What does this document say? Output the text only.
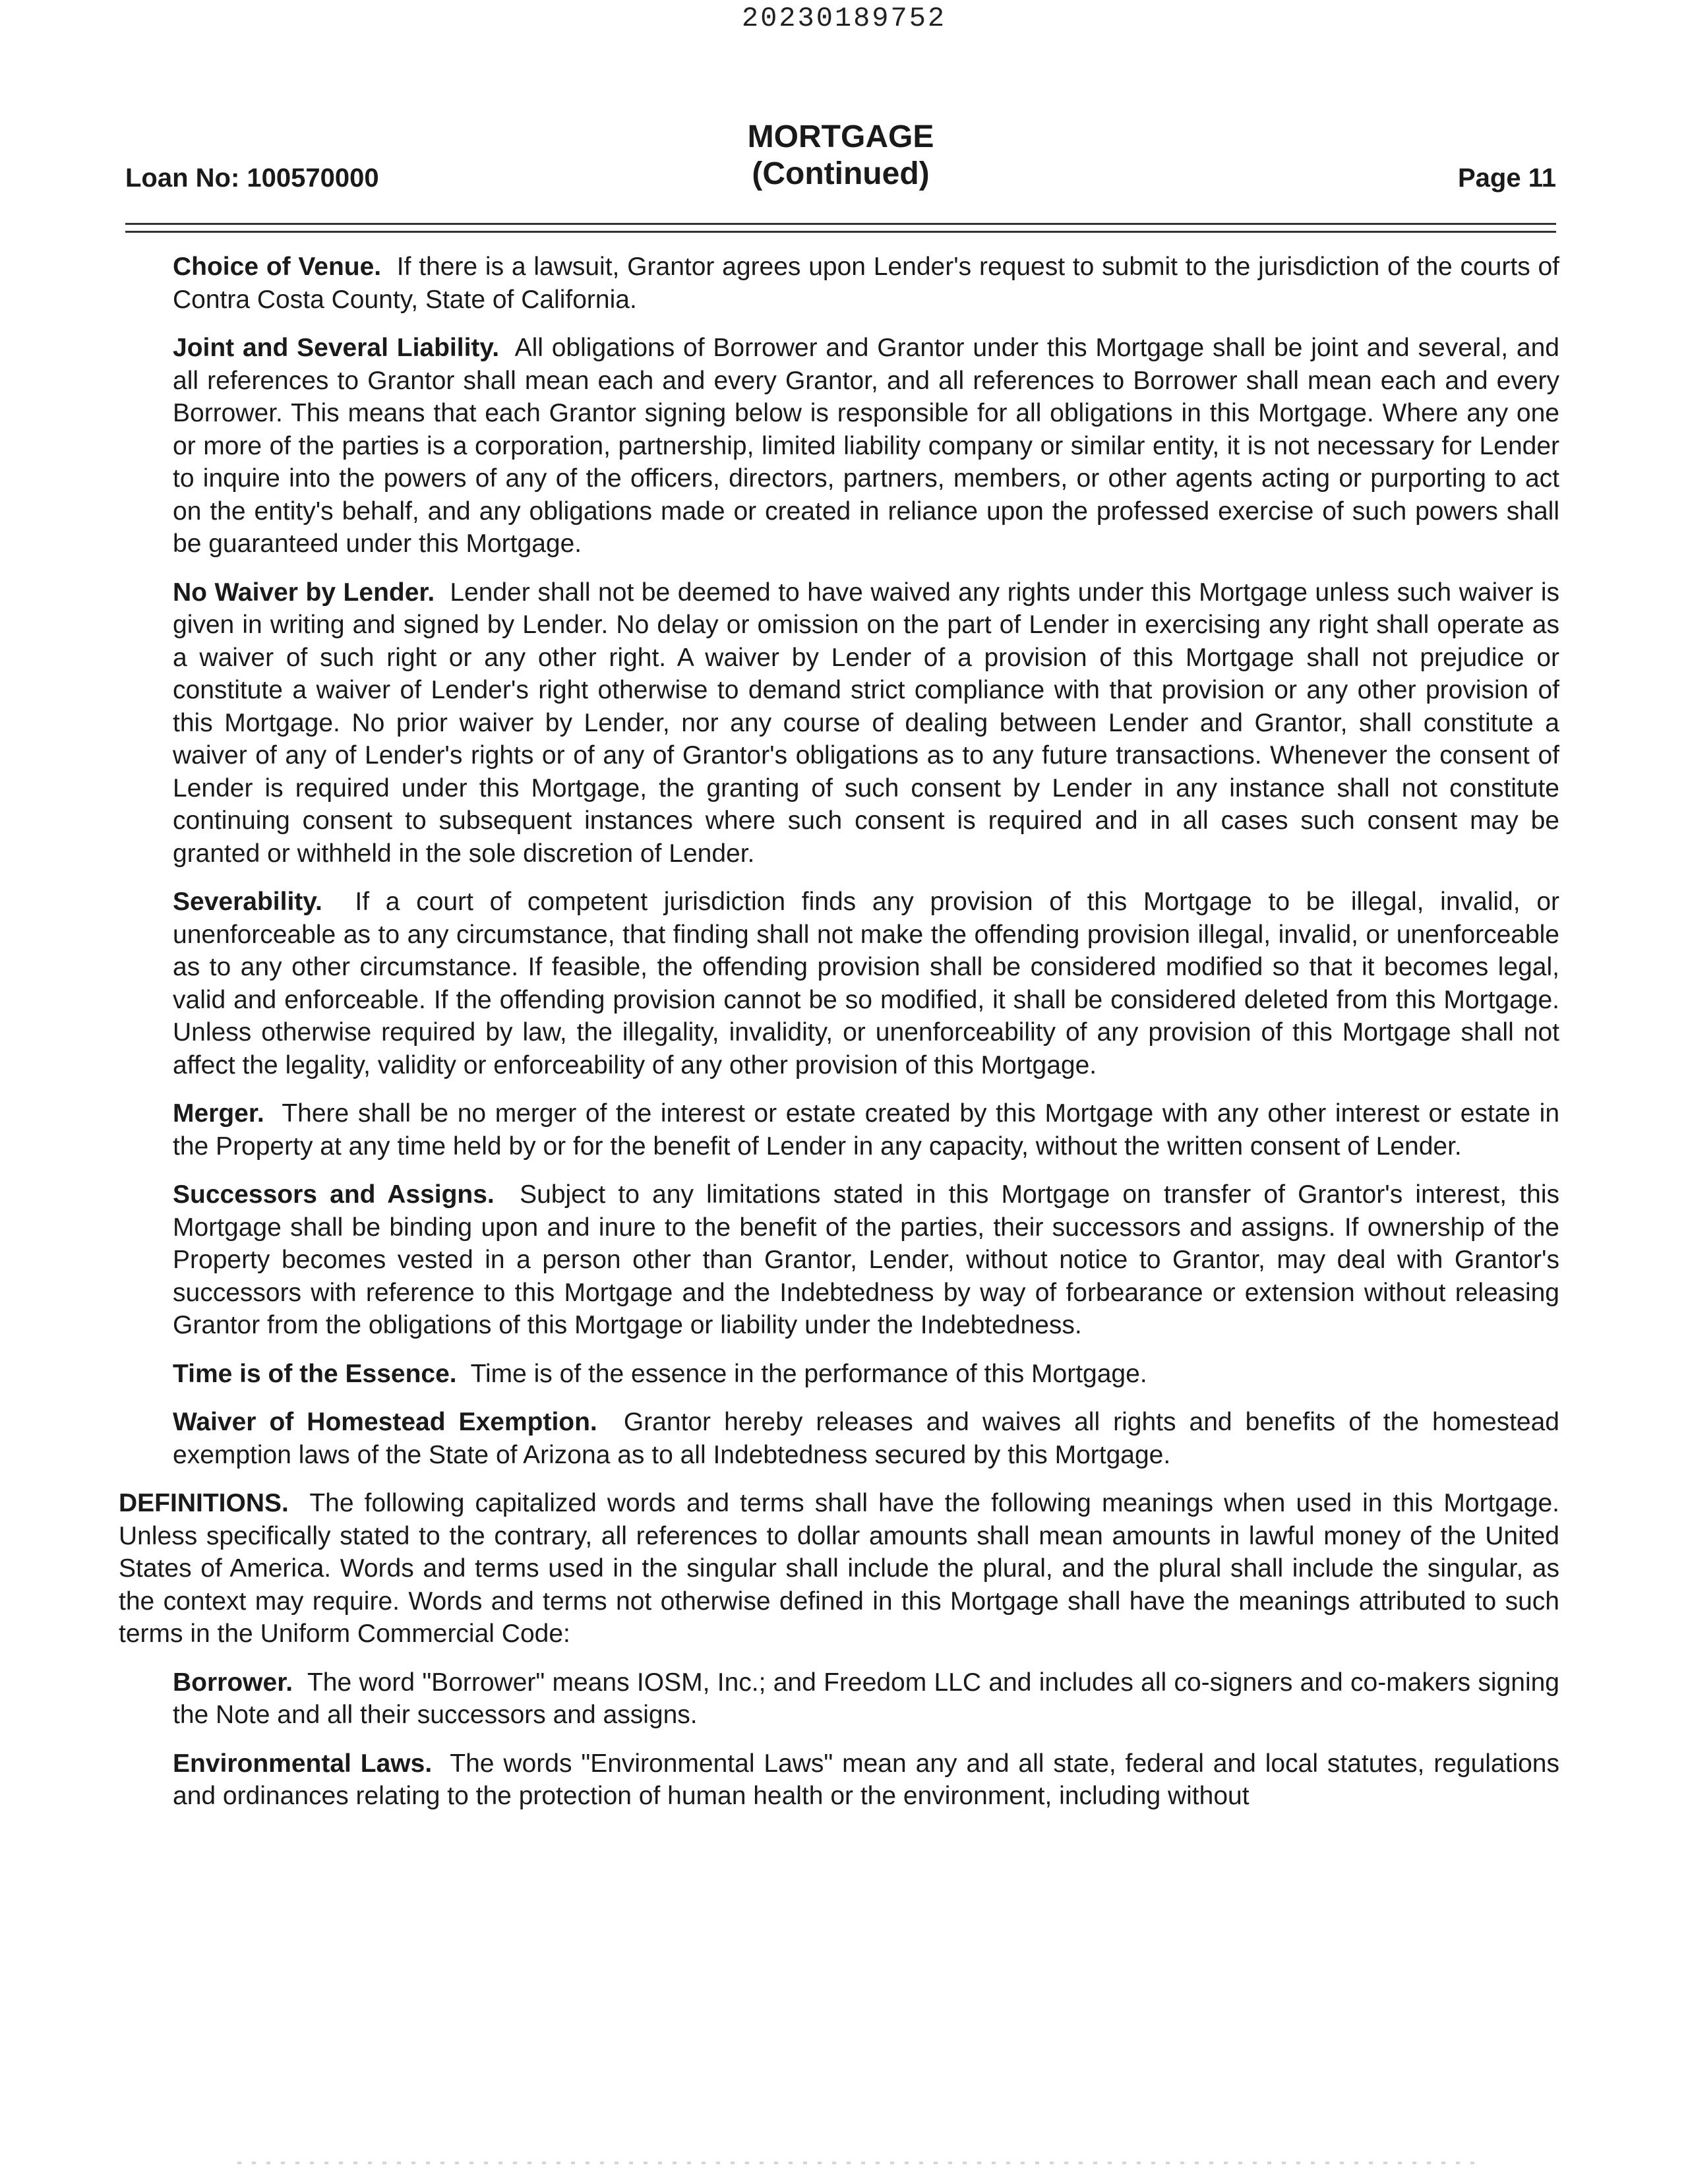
20230189752
Loan No: 100570000
MORTGAGE
(Continued)	Page 11

Choice of Venue. If there is a lawsuit, Grantor agrees upon Lender's request to submit to the jurisdiction of the courts of Contra Costa County, State of California.

Joint and Several Liability. All obligations of Borrower and Grantor under this Mortgage shall be joint and several, and all references to Grantor shall mean each and every Grantor, and all references to Borrower shall mean each and every Borrower. This means that each Grantor signing below is responsible for all obligations in this Mortgage. Where any one or more of the parties is a corporation, partnership, limited liability company or similar entity, it is not necessary for Lender to inquire into the powers of any of the officers, directors, partners, members, or other agents acting or purporting to act on the entity's behalf, and any obligations made or created in reliance upon the professed exercise of such powers shall be guaranteed under this Mortgage.

No Waiver by Lender. Lender shall not be deemed to have waived any rights under this Mortgage unless such waiver is given in writing and signed by Lender. No delay or omission on the part of Lender in exercising any right shall operate as a waiver of such right or any other right. A waiver by Lender of a provision of this Mortgage shall not prejudice or constitute a waiver of Lender's right otherwise to demand strict compliance with that provision or any other provision of this Mortgage. No prior waiver by Lender, nor any course of dealing between Lender and Grantor, shall constitute a waiver of any of Lender's rights or of any of Grantor's obligations as to any future transactions. Whenever the consent of Lender is required under this Mortgage, the granting of such consent by Lender in any instance shall not constitute continuing consent to subsequent instances where such consent is required and in all cases such consent may be granted or withheld in the sole discretion of Lender.

Severability. If a court of competent jurisdiction finds any provision of this Mortgage to be illegal, invalid, or unenforceable as to any circumstance, that finding shall not make the offending provision illegal, invalid, or unenforceable as to any other circumstance. If feasible, the offending provision shall be considered modified so that it becomes legal, valid and enforceable. If the offending provision cannot be so modified, it shall be considered deleted from this Mortgage. Unless otherwise required by law, the illegality, invalidity, or unenforceability of any provision of this Mortgage shall not affect the legality, validity or enforceability of any other provision of this Mortgage.

Merger. There shall be no merger of the interest or estate created by this Mortgage with any other interest or estate in the Property at any time held by or for the benefit of Lender in any capacity, without the written consent of Lender.

Successors and Assigns. Subject to any limitations stated in this Mortgage on transfer of Grantor's interest, this Mortgage shall be binding upon and inure to the benefit of the parties, their successors and assigns. If ownership of the Property becomes vested in a person other than Grantor, Lender, without notice to Grantor, may deal with Grantor's successors with reference to this Mortgage and the Indebtedness by way of forbearance or extension without releasing Grantor from the obligations of this Mortgage or liability under the Indebtedness.

Time is of the Essence. Time is of the essence in the performance of this Mortgage.

Waiver of Homestead Exemption. Grantor hereby releases and waives all rights and benefits of the homestead exemption laws of the State of Arizona as to all Indebtedness secured by this Mortgage.

DEFINITIONS. The following capitalized words and terms shall have the following meanings when used in this Mortgage. Unless specifically stated to the contrary, all references to dollar amounts shall mean amounts in lawful money of the United States of America. Words and terms used in the singular shall include the plural, and the plural shall include the singular, as the context may require. Words and terms not otherwise defined in this Mortgage shall have the meanings attributed to such terms in the Uniform Commercial Code:

Borrower. The word "Borrower" means IOSM, Inc.; and Freedom LLC and includes all co-signers and co-makers signing the Note and all their successors and assigns.

Environmental Laws. The words "Environmental Laws" mean any and all state, federal and local statutes, regulations and ordinances relating to the protection of human health or the environment, including without
